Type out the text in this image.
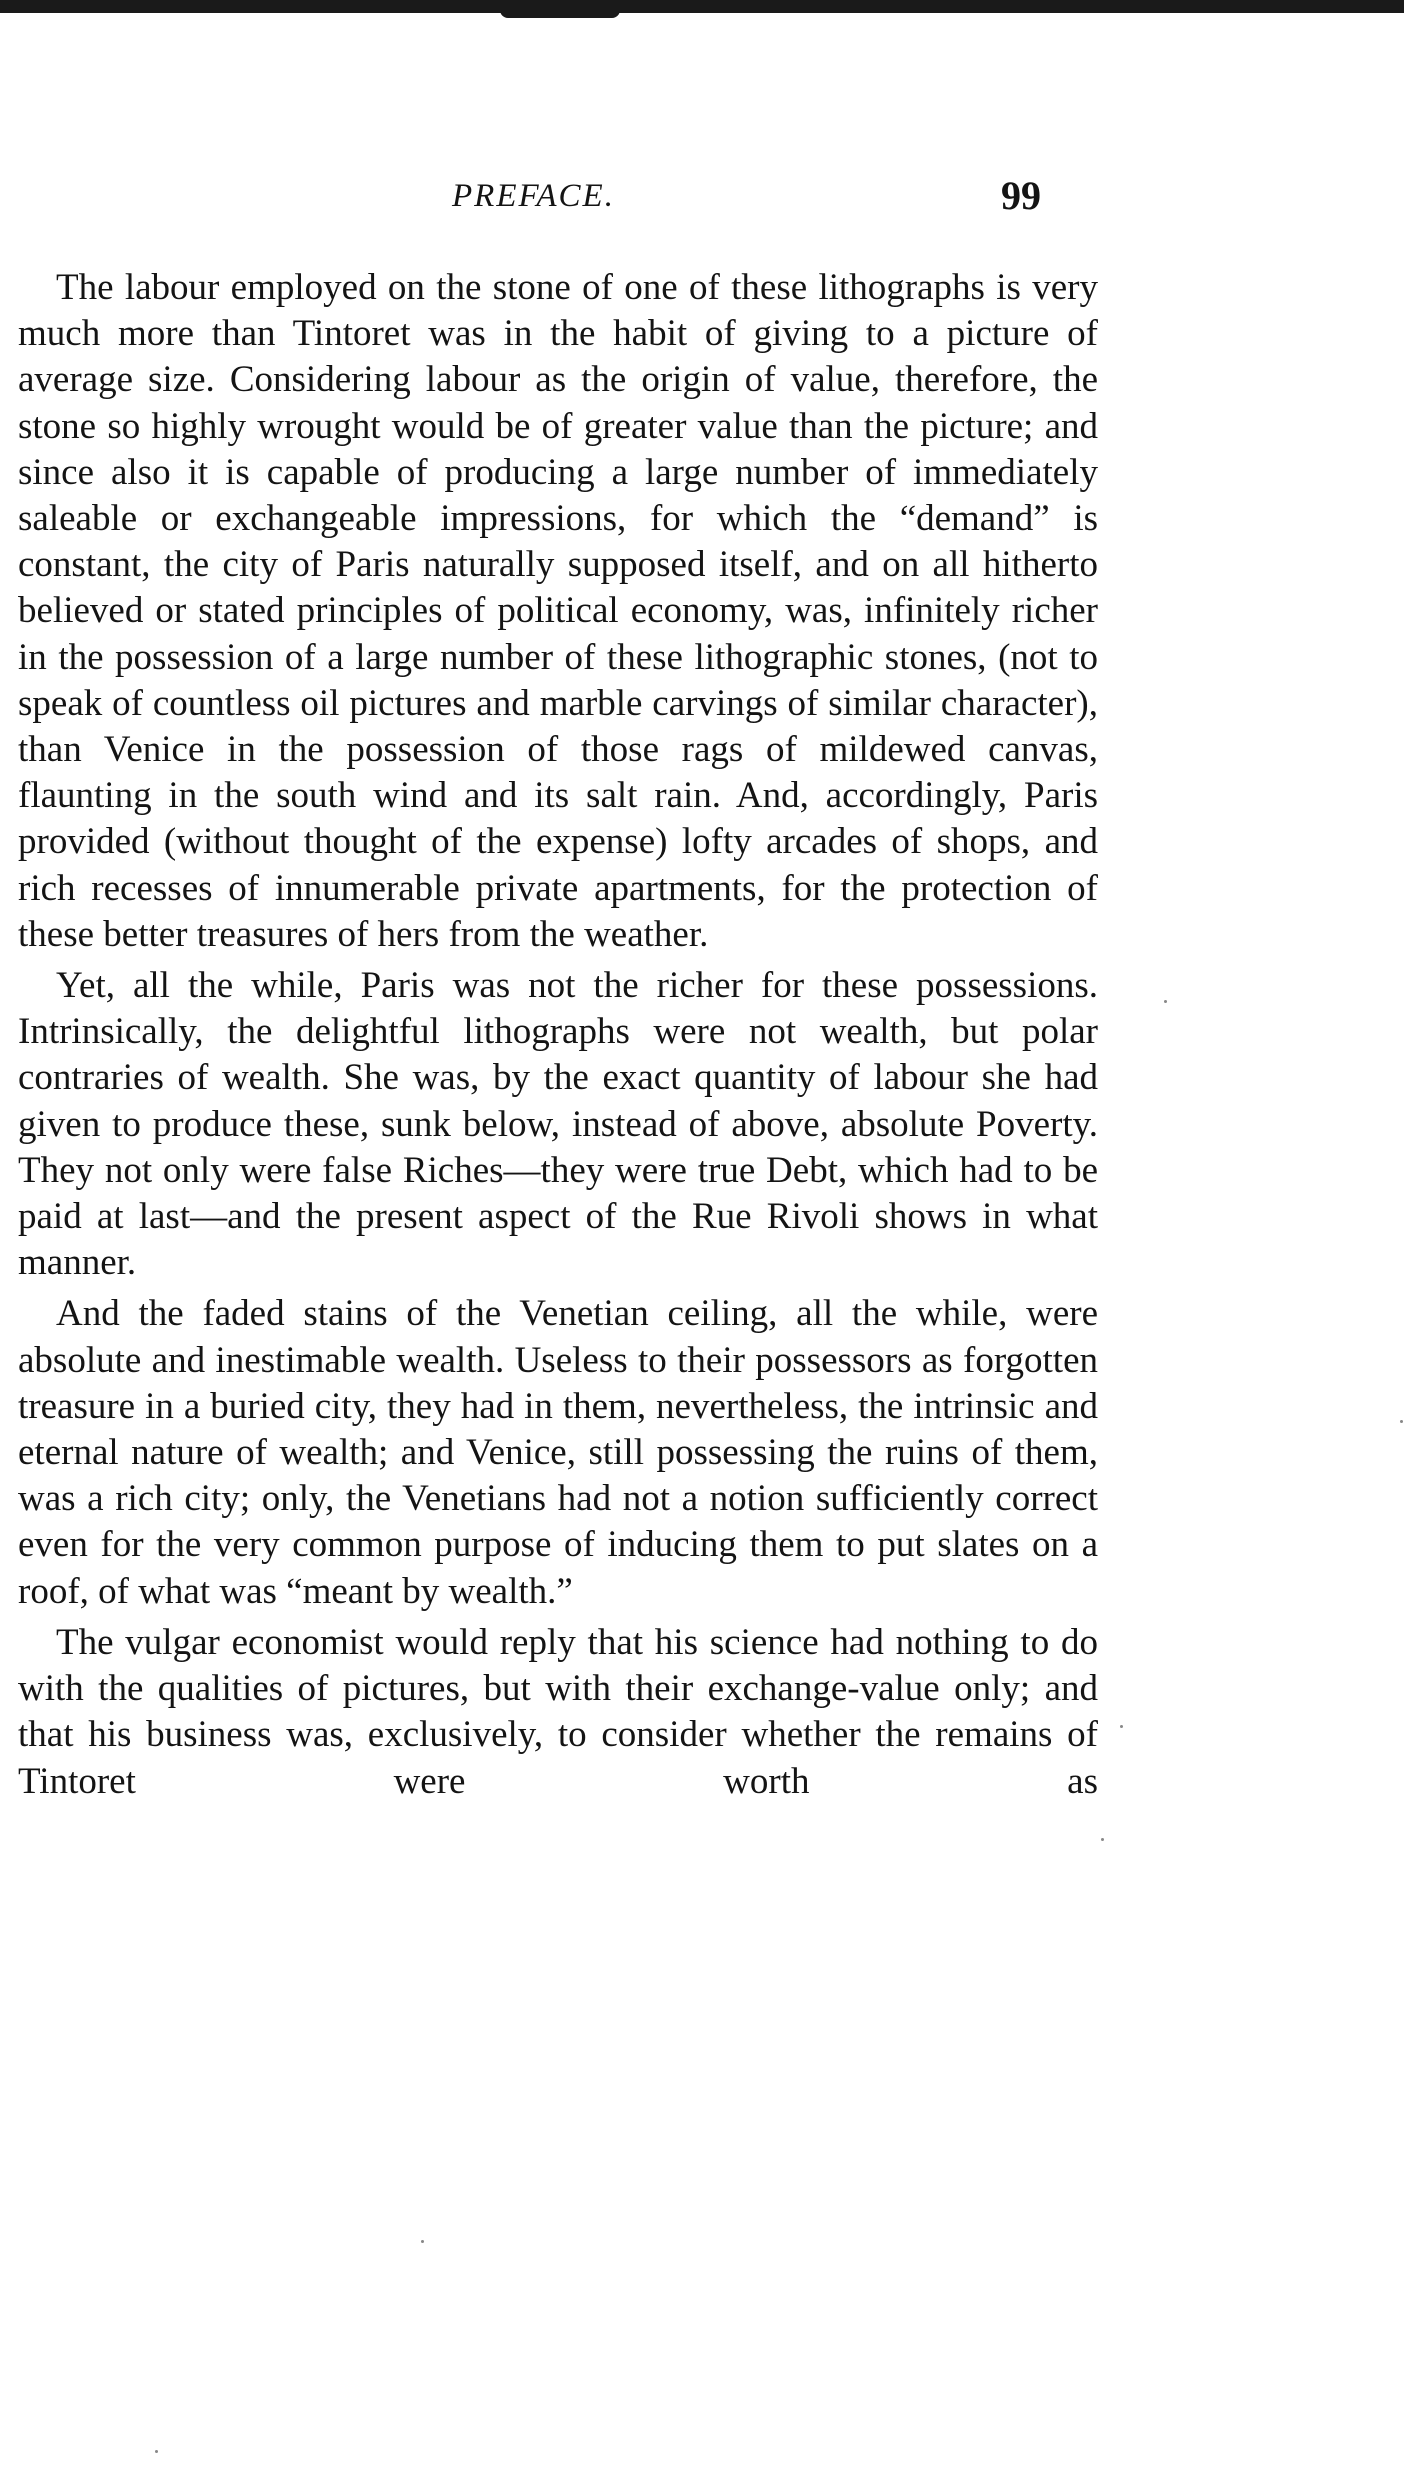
PREFACE.	99

The labour employed on the stone of one of these lithographs is very much more than Tintoret was in the habit of giving to a picture of average size. Considering labour as the origin of value, therefore, the stone so highly wrought would be of greater value than the picture; and since also it is capable of producing a large number of immediately saleable or exchangeable impressions, for which the “demand” is constant, the city of Paris naturally supposed itself, and on all hitherto believed or stated principles of political economy, was, infinitely richer in the possession of a large number of these lithographic stones, (not to speak of countless oil pictures and marble carvings of similar character), than Venice in the possession of those rags of mildewed canvas, flaunting in the south wind and its salt rain. And, accordingly, Paris provided (without thought of the expense) lofty arcades of shops, and rich recesses of innumerable private apartments, for the protection of these better treasures of hers from the weather.

Yet, all the while, Paris was not the richer for these possessions. Intrinsically, the delightful lithographs were not wealth, but polar contraries of wealth. She was, by the exact quantity of labour she had given to produce these, sunk below, instead of above, absolute Poverty. They not only were false Riches—they were true Debt, which had to be paid at last—and the present aspect of the Rue Rivoli shows in what manner.

And the faded stains of the Venetian ceiling, all the while, were absolute and inestimable wealth. Useless to their possessors as forgotten treasure in a buried city, they had in them, nevertheless, the intrinsic and eternal nature of wealth; and Venice, still possessing the ruins of them, was a rich city; only, the Venetians had not a notion sufficiently correct even for the very common purpose of inducing them to put slates on a roof, of what was “meant by wealth.”

The vulgar economist would reply that his science had nothing to do with the qualities of pictures, but with their exchange-value only; and that his business was, exclusively, to consider whether the remains of Tintoret were worth as
